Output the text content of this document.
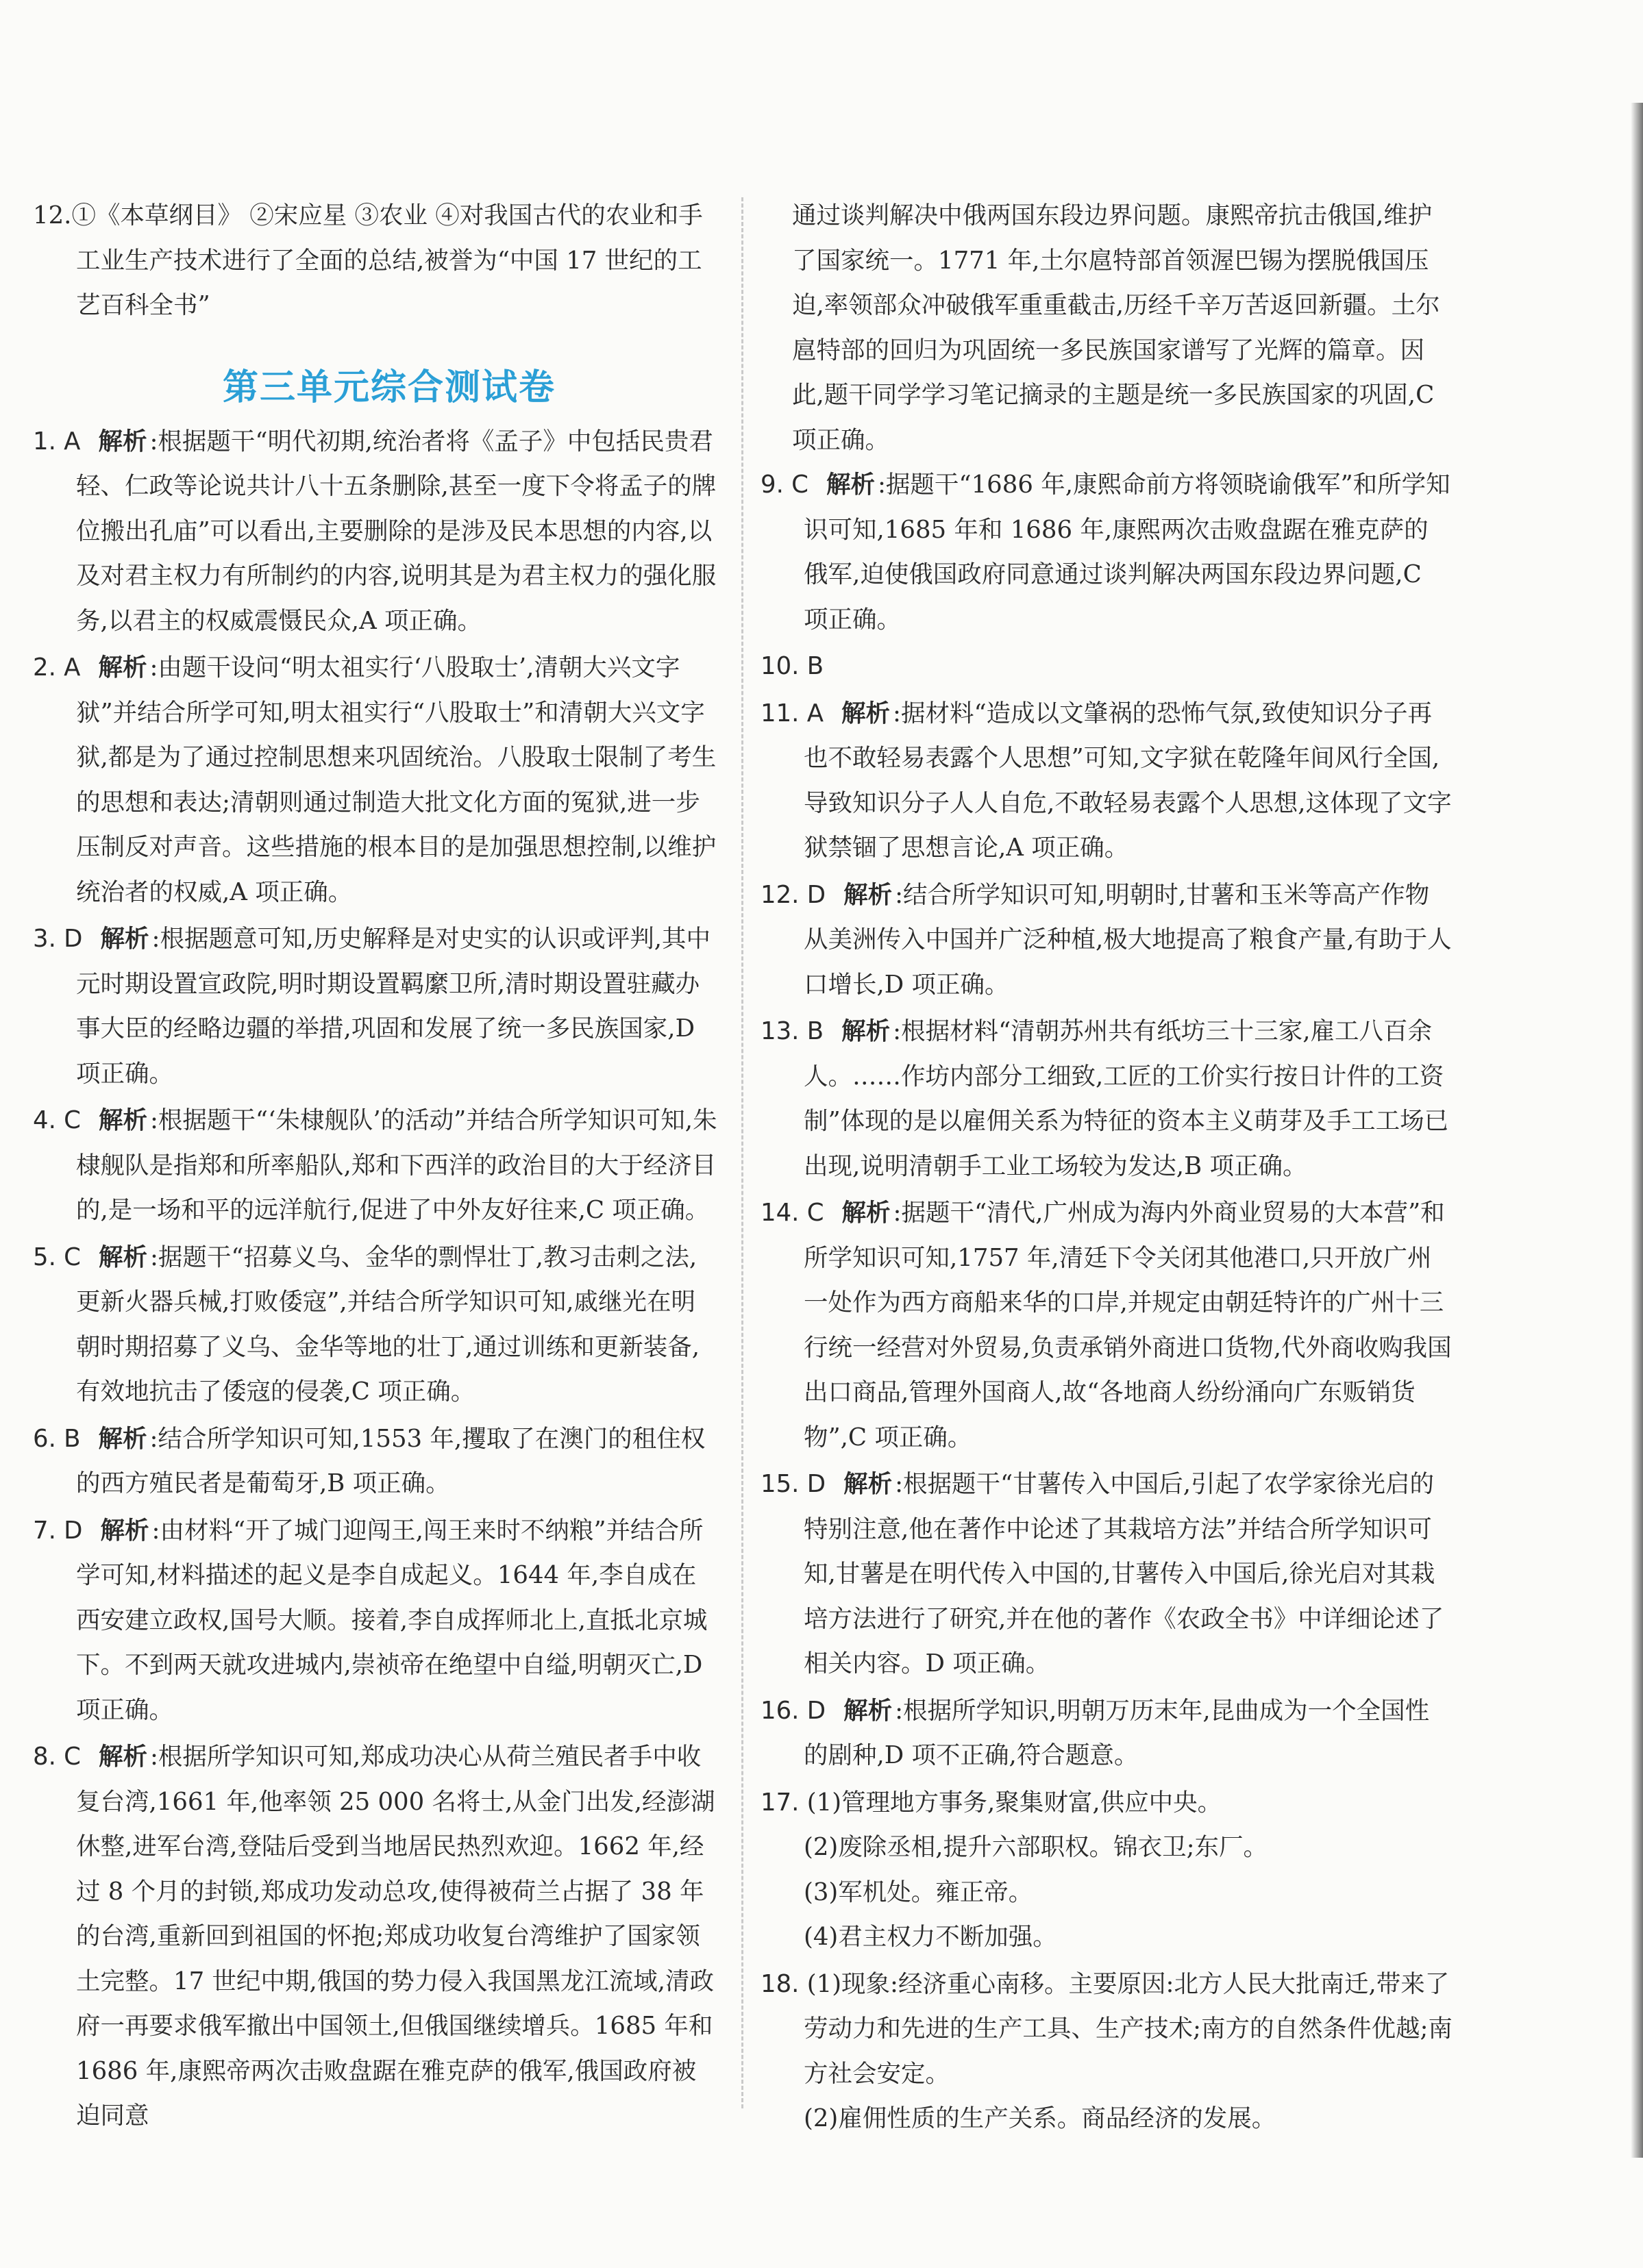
12.①《本草纲目》 ②宋应星 ③农业 ④对我国古代的农业和手工业生产技术进行了全面的总结,被誉为“中国 17 世纪的工艺百科全书”

第三单元综合测试卷

1. A 解析 :根据题干“明代初期,统治者将《孟子》中包括民贵君轻、仁政等论说共计八十五条删除,甚至一度下令将孟子的牌位搬出孔庙”可以看出,主要删除的是涉及民本思想的内容,以及对君主权力有所制约的内容,说明其是为君主权力的强化服务,以君主的权威震慑民众,A 项正确。

2. A 解析 :由题干设问“明太祖实行‘八股取士’,清朝大兴文字狱”并结合所学可知,明太祖实行“八股取士”和清朝大兴文字狱,都是为了通过控制思想来巩固统治。八股取士限制了考生的思想和表达;清朝则通过制造大批文化方面的冤狱,进一步压制反对声音。这些措施的根本目的是加强思想控制,以维护统治者的权威,A 项正确。

3. D 解析 :根据题意可知,历史解释是对史实的认识或评判,其中元时期设置宣政院,明时期设置羁縻卫所,清时期设置驻藏办事大臣的经略边疆的举措,巩固和发展了统一多民族国家,D 项正确。

4. C 解析 :根据题干“‘朱棣舰队’的活动”并结合所学知识可知,朱棣舰队是指郑和所率船队,郑和下西洋的政治目的大于经济目的,是一场和平的远洋航行,促进了中外友好往来,C 项正确。

5. C 解析 :据题干“招募义乌、金华的剽悍壮丁,教习击刺之法,更新火器兵械,打败倭寇”,并结合所学知识可知,戚继光在明朝时期招募了义乌、金华等地的壮丁,通过训练和更新装备,有效地抗击了倭寇的侵袭,C 项正确。

6. B 解析 :结合所学知识可知,1553 年,攫取了在澳门的租住权的西方殖民者是葡萄牙,B 项正确。

7. D 解析 :由材料“开了城门迎闯王,闯王来时不纳粮”并结合所学可知,材料描述的起义是李自成起义。1644 年,李自成在西安建立政权,国号大顺。接着,李自成挥师北上,直抵北京城下。不到两天就攻进城内,崇祯帝在绝望中自缢,明朝灭亡,D 项正确。

8. C 解析 :根据所学知识可知,郑成功决心从荷兰殖民者手中收复台湾,1661 年,他率领 25 000 名将士,从金门出发,经澎湖休整,进军台湾,登陆后受到当地居民热烈欢迎。1662 年,经过 8 个月的封锁,郑成功发动总攻,使得被荷兰占据了 38 年的台湾,重新回到祖国的怀抱;郑成功收复台湾维护了国家领土完整。17 世纪中期,俄国的势力侵入我国黑龙江流域,清政府一再要求俄军撤出中国领土,但俄国继续增兵。1685 年和 1686 年,康熙帝两次击败盘踞在雅克萨的俄军,俄国政府被迫同意

通过谈判解决中俄两国东段边界问题。康熙帝抗击俄国,维护了国家统一。1771 年,土尔扈特部首领渥巴锡为摆脱俄国压迫,率领部众冲破俄军重重截击,历经千辛万苦返回新疆。土尔扈特部的回归为巩固统一多民族国家谱写了光辉的篇章。因此,题干同学学习笔记摘录的主题是统一多民族国家的巩固,C 项正确。

9. C 解析 :据题干“1686 年,康熙命前方将领晓谕俄军”和所学知识可知,1685 年和 1686 年,康熙两次击败盘踞在雅克萨的俄军,迫使俄国政府同意通过谈判解决两国东段边界问题,C 项正确。

10. B

11. A 解析 :据材料“造成以文肇祸的恐怖气氛,致使知识分子再也不敢轻易表露个人思想”可知,文字狱在乾隆年间风行全国,导致知识分子人人自危,不敢轻易表露个人思想,这体现了文字狱禁锢了思想言论,A 项正确。

12. D 解析 :结合所学知识可知,明朝时,甘薯和玉米等高产作物从美洲传入中国并广泛种植,极大地提高了粮食产量,有助于人口增长,D 项正确。

13. B 解析 :根据材料“清朝苏州共有纸坊三十三家,雇工八百余人。……作坊内部分工细致,工匠的工价实行按日计件的工资制”体现的是以雇佣关系为特征的资本主义萌芽及手工工场已出现,说明清朝手工业工场较为发达,B 项正确。

14. C 解析 :据题干“清代,广州成为海内外商业贸易的大本营”和所学知识可知,1757 年,清廷下令关闭其他港口,只开放广州一处作为西方商船来华的口岸,并规定由朝廷特许的广州十三行统一经营对外贸易,负责承销外商进口货物,代外商收购我国出口商品,管理外国商人,故“各地商人纷纷涌向广东贩销货物”,C 项正确。

15. D 解析 :根据题干“甘薯传入中国后,引起了农学家徐光启的特别注意,他在著作中论述了其栽培方法”并结合所学知识可知,甘薯是在明代传入中国的,甘薯传入中国后,徐光启对其栽培方法进行了研究,并在他的著作《农政全书》中详细论述了相关内容。D 项正确。

16. D 解析 :根据所学知识,明朝万历末年,昆曲成为一个全国性的剧种,D 项不正确,符合题意。

17. (1)管理地方事务,聚集财富,供应中央。

(2)废除丞相,提升六部职权。锦衣卫;东厂。

(3)军机处。雍正帝。

(4)君主权力不断加强。

18. (1)现象:经济重心南移。主要原因:北方人民大批南迁,带来了劳动力和先进的生产工具、生产技术;南方的自然条件优越;南方社会安定。

(2)雇佣性质的生产关系。商品经济的发展。
